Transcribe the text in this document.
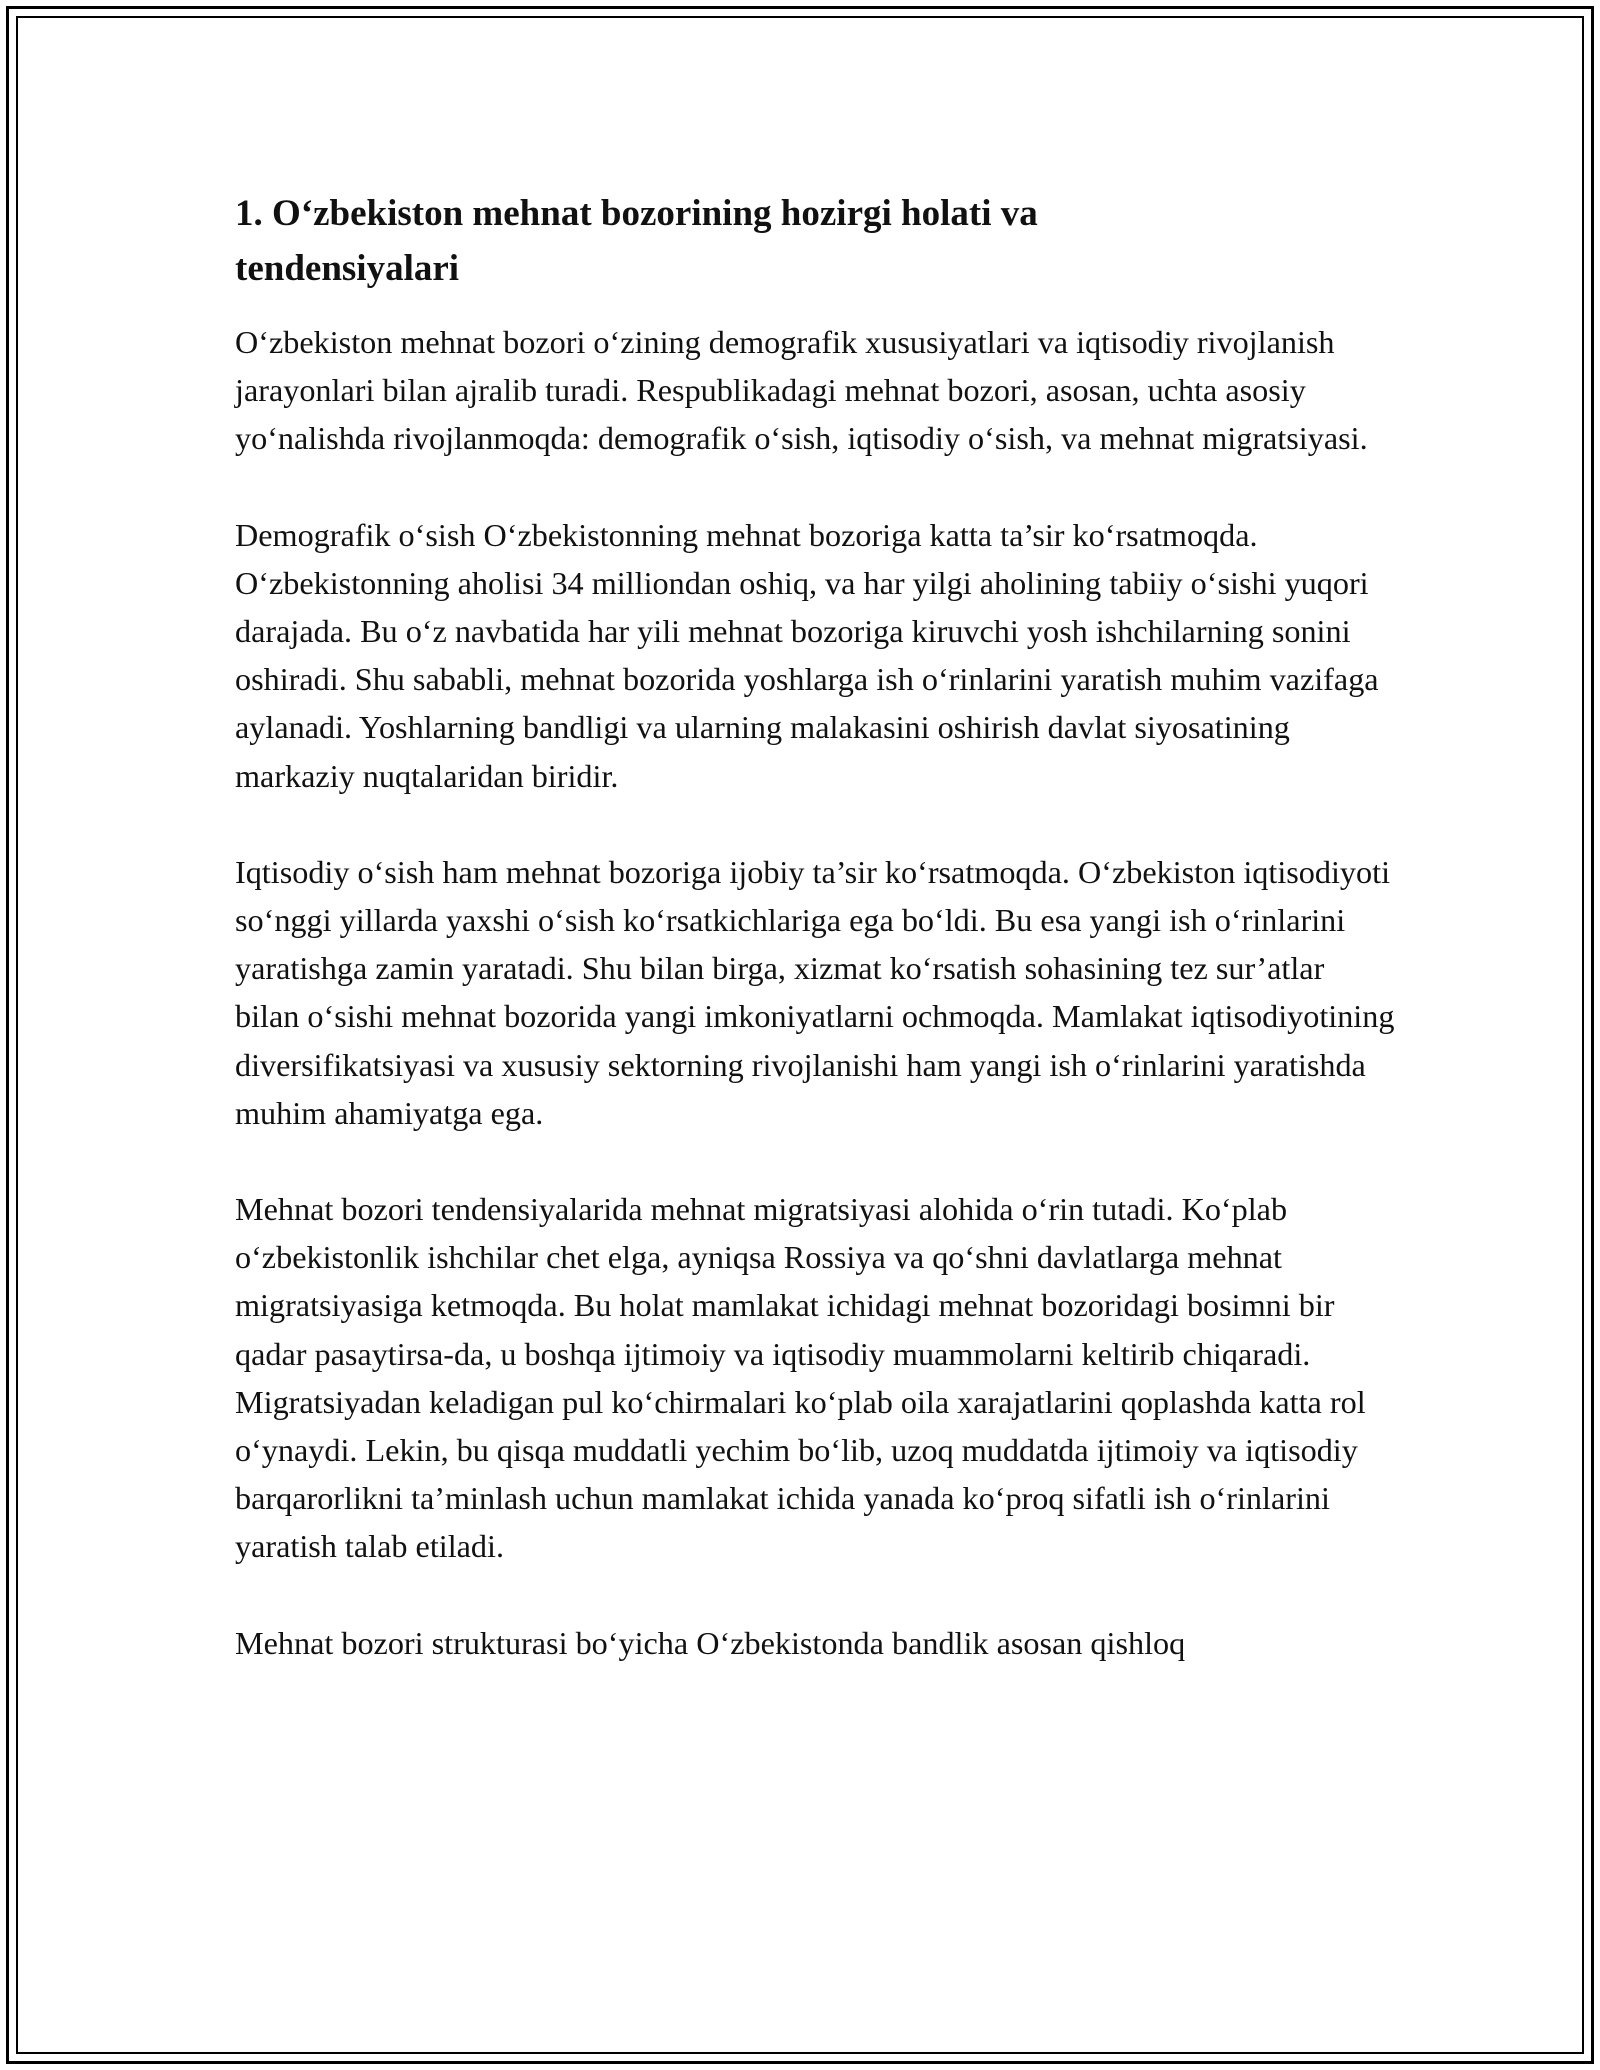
1. O‘zbekiston mehnat bozorining hozirgi holati va tendensiyalari

O‘zbekiston mehnat bozori o‘zining demografik xususiyatlari va iqtisodiy rivojlanish jarayonlari bilan ajralib turadi. Respublikadagi mehnat bozori, asosan, uchta asosiy yo‘nalishda rivojlanmoqda: demografik o‘sish, iqtisodiy o‘sish, va mehnat migratsiyasi.

Demografik o‘sish O‘zbekistonning mehnat bozoriga katta ta’sir ko‘rsatmoqda. O‘zbekistonning aholisi 34 milliondan oshiq, va har yilgi aholining tabiiy o‘sishi yuqori darajada. Bu o‘z navbatida har yili mehnat bozoriga kiruvchi yosh ishchilarning sonini oshiradi. Shu sababli, mehnat bozorida yoshlarga ish o‘rinlarini yaratish muhim vazifaga aylanadi. Yoshlarning bandligi va ularning malakasini oshirish davlat siyosatining markaziy nuqtalaridan biridir.

Iqtisodiy o‘sish ham mehnat bozoriga ijobiy ta’sir ko‘rsatmoqda. O‘zbekiston iqtisodiyoti so‘nggi yillarda yaxshi o‘sish ko‘rsatkichlariga ega bo‘ldi. Bu esa yangi ish o‘rinlarini yaratishga zamin yaratadi. Shu bilan birga, xizmat ko‘rsatish sohasining tez sur’atlar bilan o‘sishi mehnat bozorida yangi imkoniyatlarni ochmoqda. Mamlakat iqtisodiyotining diversifikatsiyasi va xususiy sektorning rivojlanishi ham yangi ish o‘rinlarini yaratishda muhim ahamiyatga ega.

Mehnat bozori tendensiyalarida mehnat migratsiyasi alohida o‘rin tutadi. Ko‘plab o‘zbekistonlik ishchilar chet elga, ayniqsa Rossiya va qo‘shni davlatlarga mehnat migratsiyasiga ketmoqda. Bu holat mamlakat ichidagi mehnat bozoridagi bosimni bir qadar pasaytirsa-da, u boshqa ijtimoiy va iqtisodiy muammolarni keltirib chiqaradi. Migratsiyadan keladigan pul ko‘chirmalari ko‘plab oila xarajatlarini qoplashda katta rol o‘ynaydi. Lekin, bu qisqa muddatli yechim bo‘lib, uzoq muddatda ijtimoiy va iqtisodiy barqarorlikni ta’minlash uchun mamlakat ichida yanada ko‘proq sifatli ish o‘rinlarini yaratish talab etiladi.

Mehnat bozori strukturasi bo‘yicha O‘zbekistonda bandlik asosan qishloq
